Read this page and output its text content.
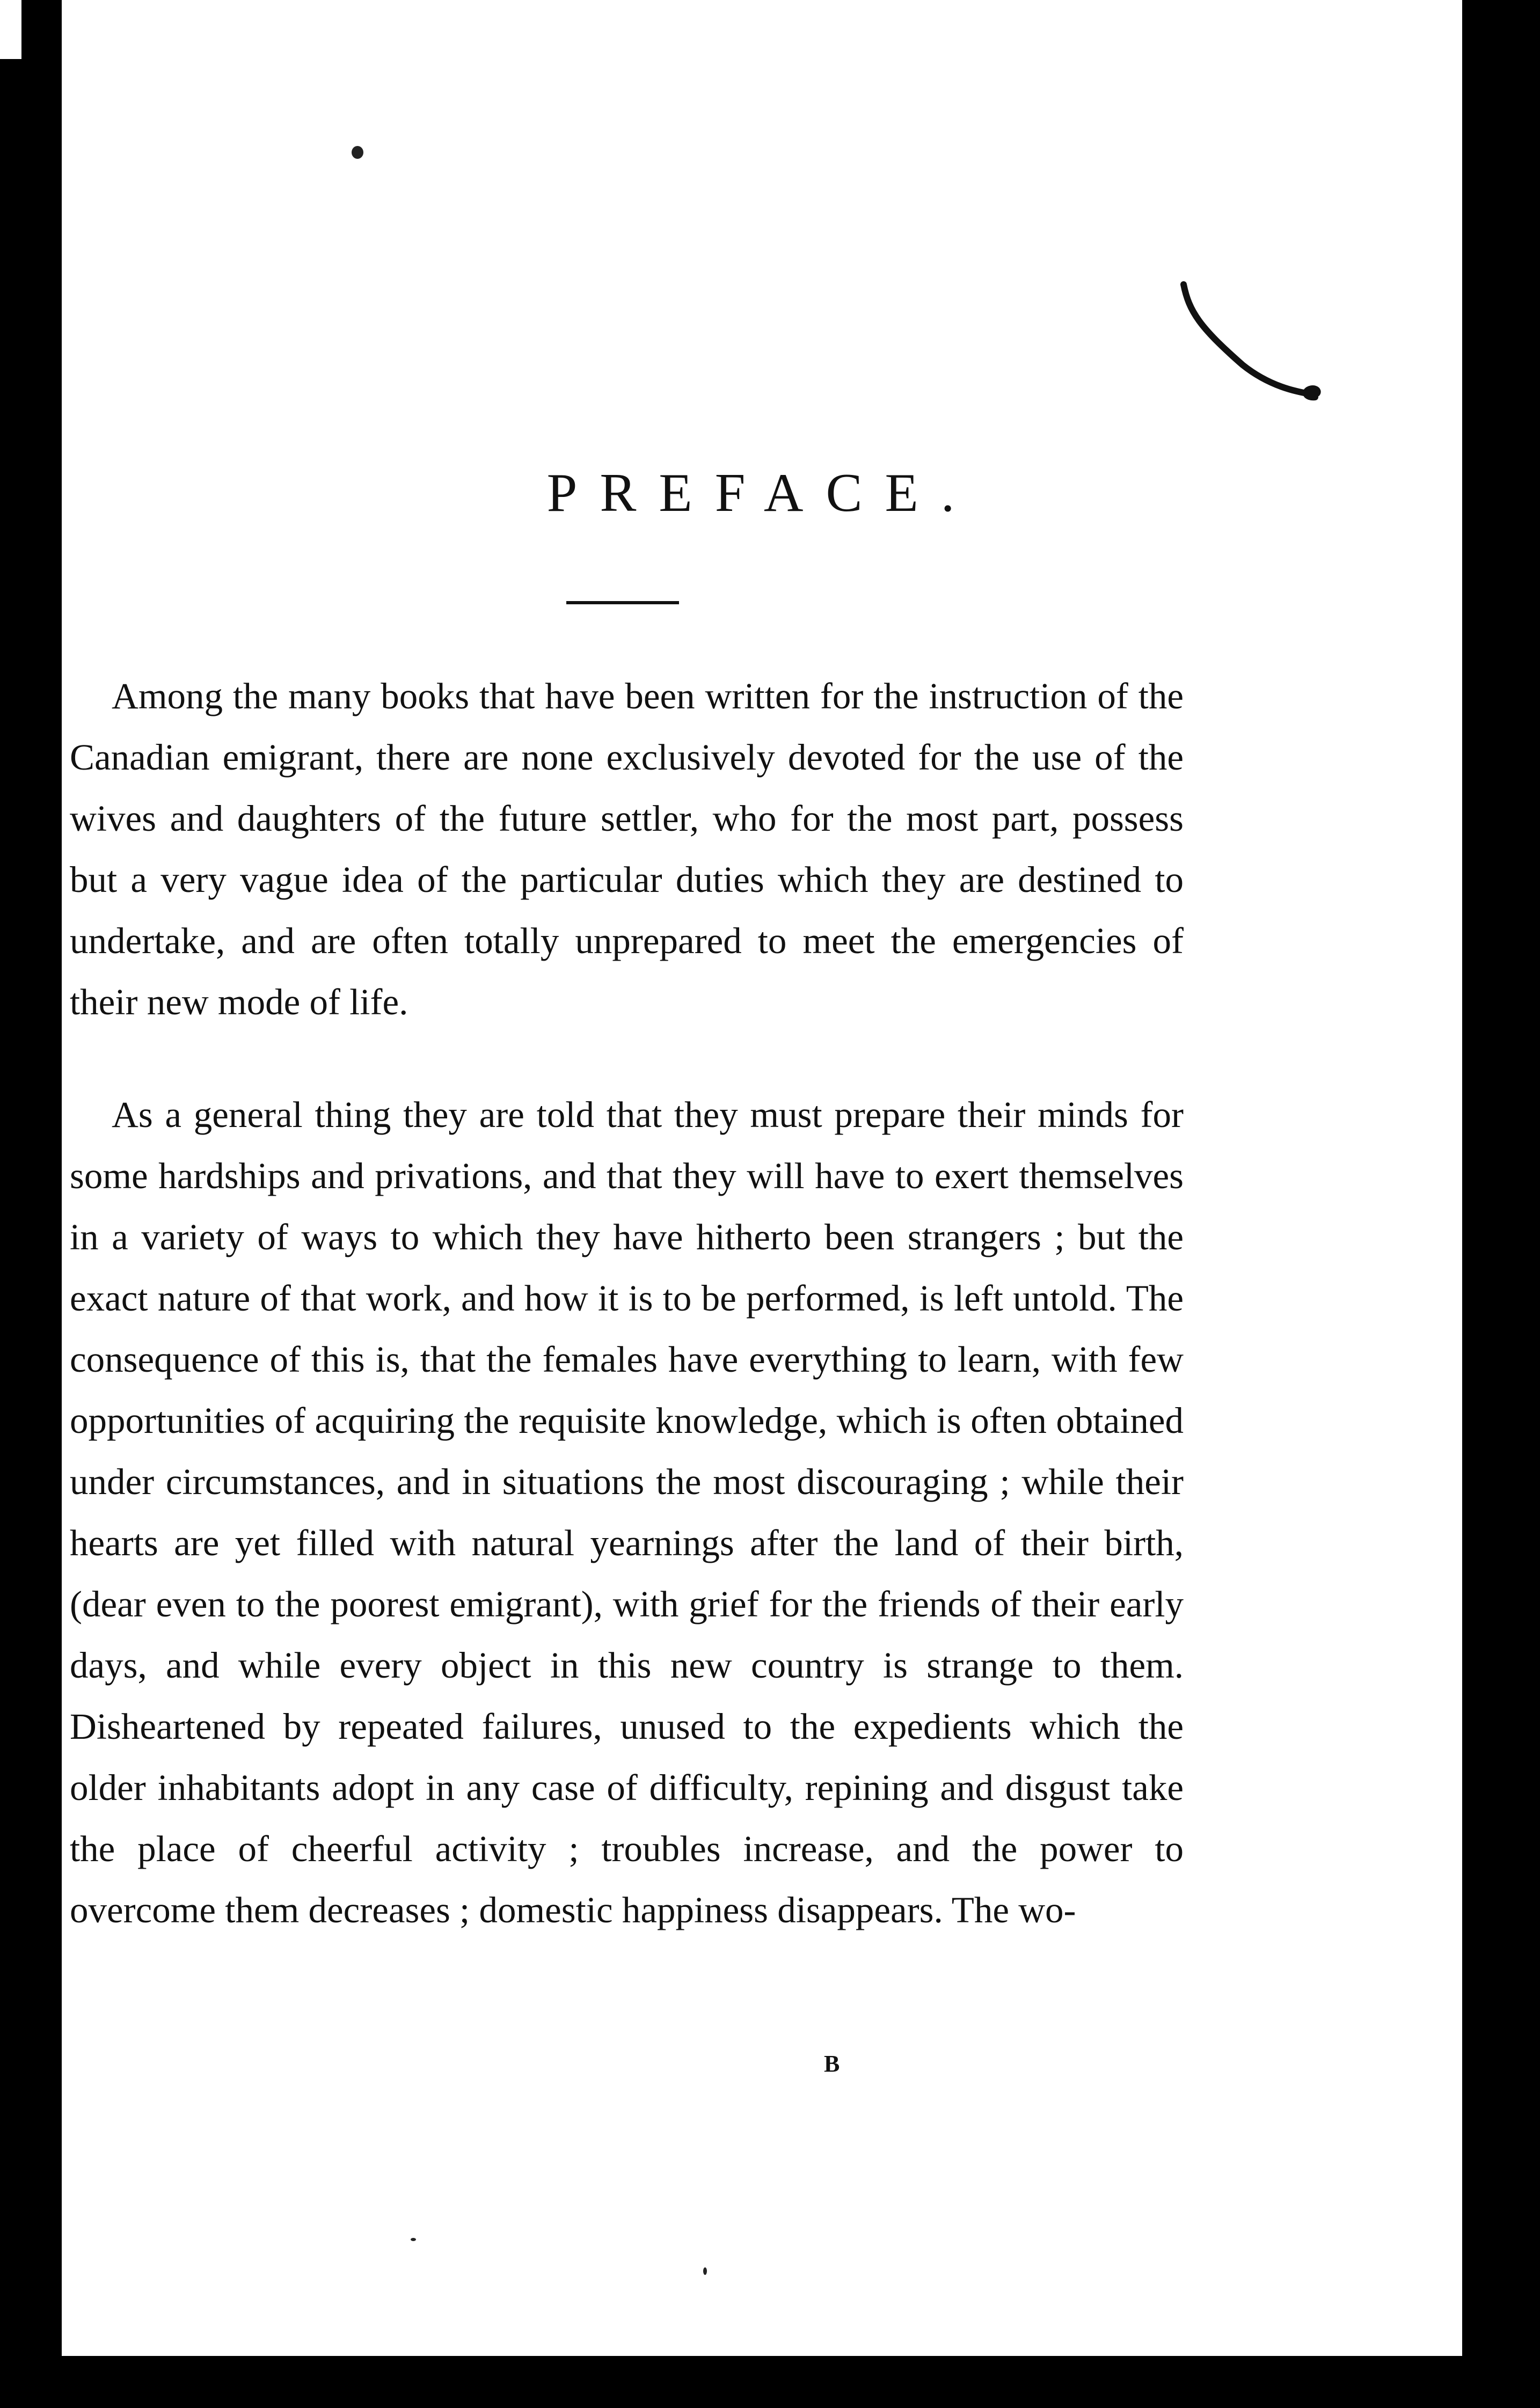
PREFACE.

Among the many books that have been written for the instruction of the Canadian emigrant, there are none exclusively devoted for the use of the wives and daughters of the future settler, who for the most part, possess but a very vague idea of the particular duties which they are destined to undertake, and are often totally unprepared to meet the emergencies of their new mode of life.

As a general thing they are told that they must prepare their minds for some hardships and privations, and that they will have to exert themselves in a variety of ways to which they have hitherto been strangers ; but the exact nature of that work, and how it is to be performed, is left untold. The consequence of this is, that the females have everything to learn, with few opportunities of acquiring the requisite knowledge, which is often obtained under circumstances, and in situations the most discouraging ; while their hearts are yet filled with natural yearnings after the land of their birth, (dear even to the poorest emigrant), with grief for the friends of their early days, and while every object in this new country is strange to them. Disheartened by repeated failures, unused to the expedients which the older inhabitants adopt in any case of difficulty, repining and disgust take the place of cheerful activity ; troubles increase, and the power to overcome them decreases ; domestic happiness disappears. The wo-

B
